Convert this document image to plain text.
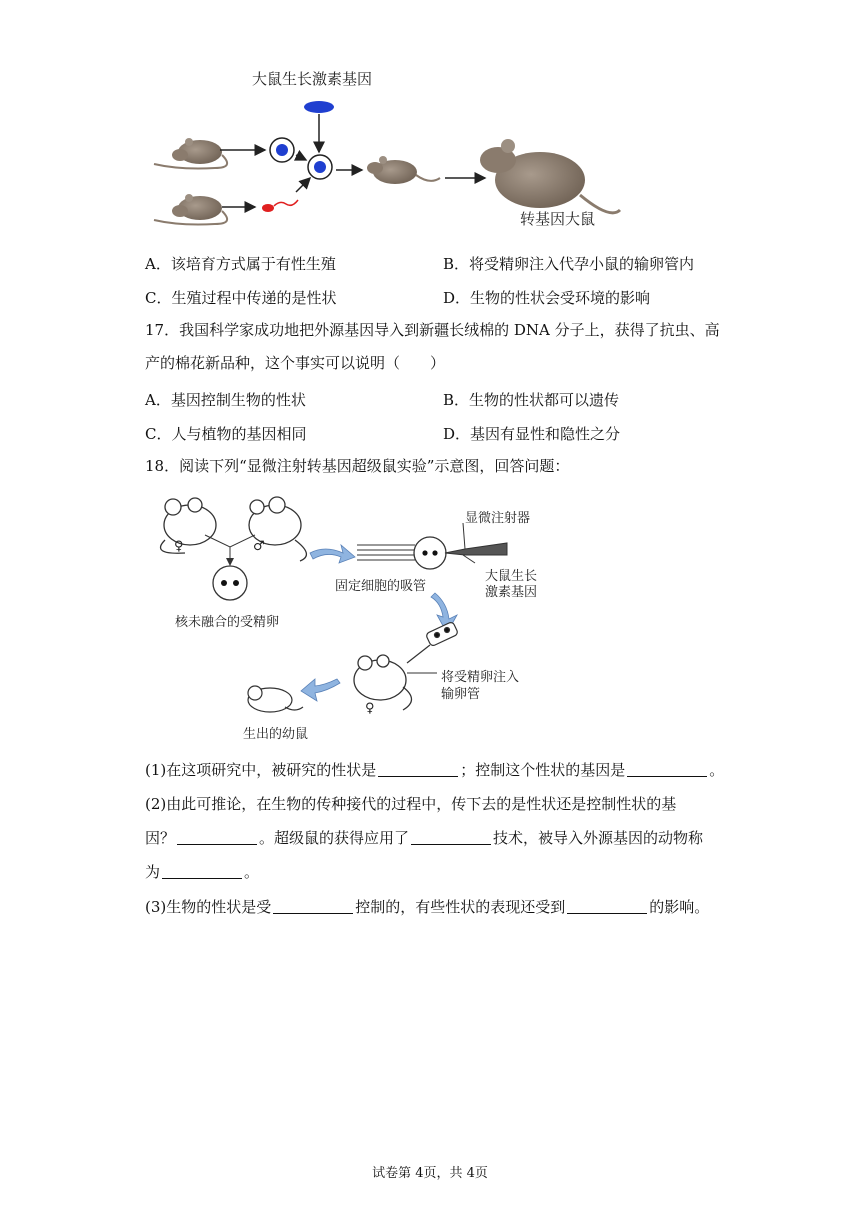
大鼠生长激素基因
转基因大鼠
A．该培育方式属于有性生殖	B．将受精卵注入代孕小鼠的输卵管内
C．生殖过程中传递的是性状	D．生物的性状会受环境的影响
17．我国科学家成功地把外源基因导入到新疆长绒棉的 DNA 分子上，获得了抗虫、高
产的棉花新品种，这个事实可以说明（　　）
A．基因控制生物的性状	B．生物的性状都可以遗传
C．人与植物的基因相同	D．基因有显性和隐性之分
18．阅读下列“显微注射转基因超级鼠实验”示意图，回答问题：
♀	♂
核未融合的受精卵
显微注射器
固定细胞的吸管
大鼠生长
激素基因
将受精卵注入
输卵管
♀
生出的幼鼠
(1)在这项研究中，被研究的性状是	；控制这个性状的基因是	。
(2)由此可推论，在生物的传种接代的过程中，传下去的是性状还是控制性状的基
因？	。超级鼠的获得应用了	技术，被导入外源基因的动物称
为	。
(3)生物的性状是受	控制的，有些性状的表现还受到	的影响。
试卷第 4页，共 4页
